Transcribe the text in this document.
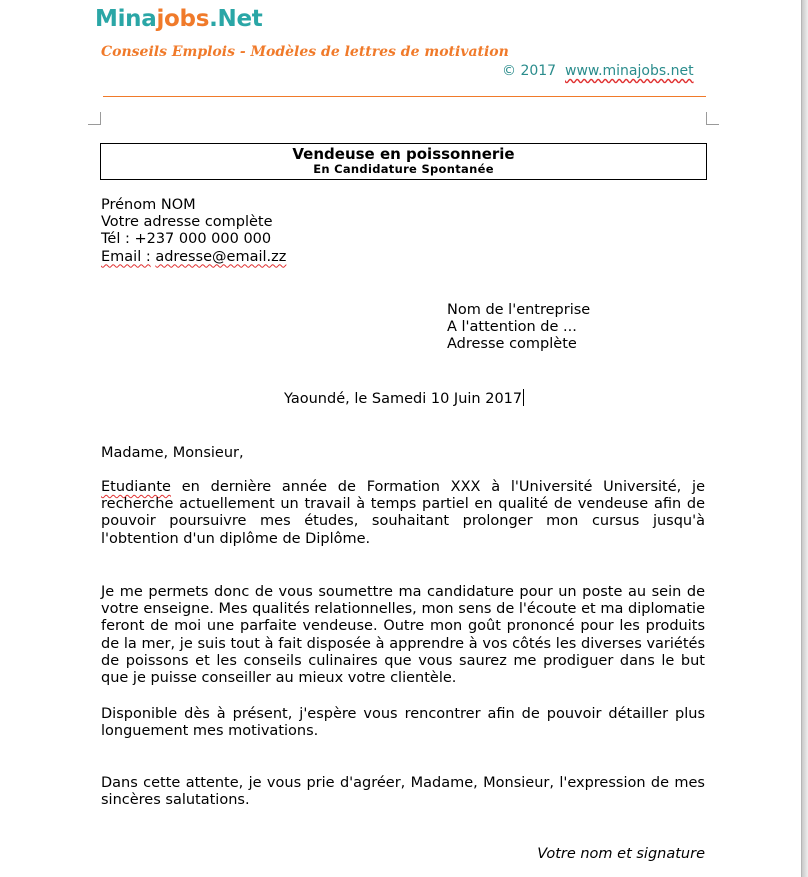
Minajobs.Net
Conseils Emplois - Modèles de lettres de motivation
© 2017 www.minajobs.net
Vendeuse en poissonnerie
En Candidature Spontanée
Prénom NOM
Votre adresse complète
Tél : +237 000 000 000
Email : adresse@email.zz
Nom de l'entreprise
A l'attention de ...
Adresse complète
Yaoundé, le Samedi 10 Juin 2017
Madame, Monsieur,
Etudiante en dernière année de Formation XXX à l'Université Université, je recherche actuellement un travail à temps partiel en qualité de vendeuse afin de pouvoir poursuivre mes études, souhaitant prolonger mon cursus jusqu'à l'obtention d'un diplôme de Diplôme.
Je me permets donc de vous soumettre ma candidature pour un poste au sein de votre enseigne. Mes qualités relationnelles, mon sens de l'écoute et ma diplomatie feront de moi une parfaite vendeuse. Outre mon goût prononcé pour les produits de la mer, je suis tout à fait disposée à apprendre à vos côtés les diverses variétés de poissons et les conseils culinaires que vous saurez me prodiguer dans le but que je puisse conseiller au mieux votre clientèle.
Disponible dès à présent, j'espère vous rencontrer afin de pouvoir détailler plus longuement mes motivations.
Dans cette attente, je vous prie d'agréer, Madame, Monsieur, l'expression de mes sincères salutations.
Votre nom et signature
